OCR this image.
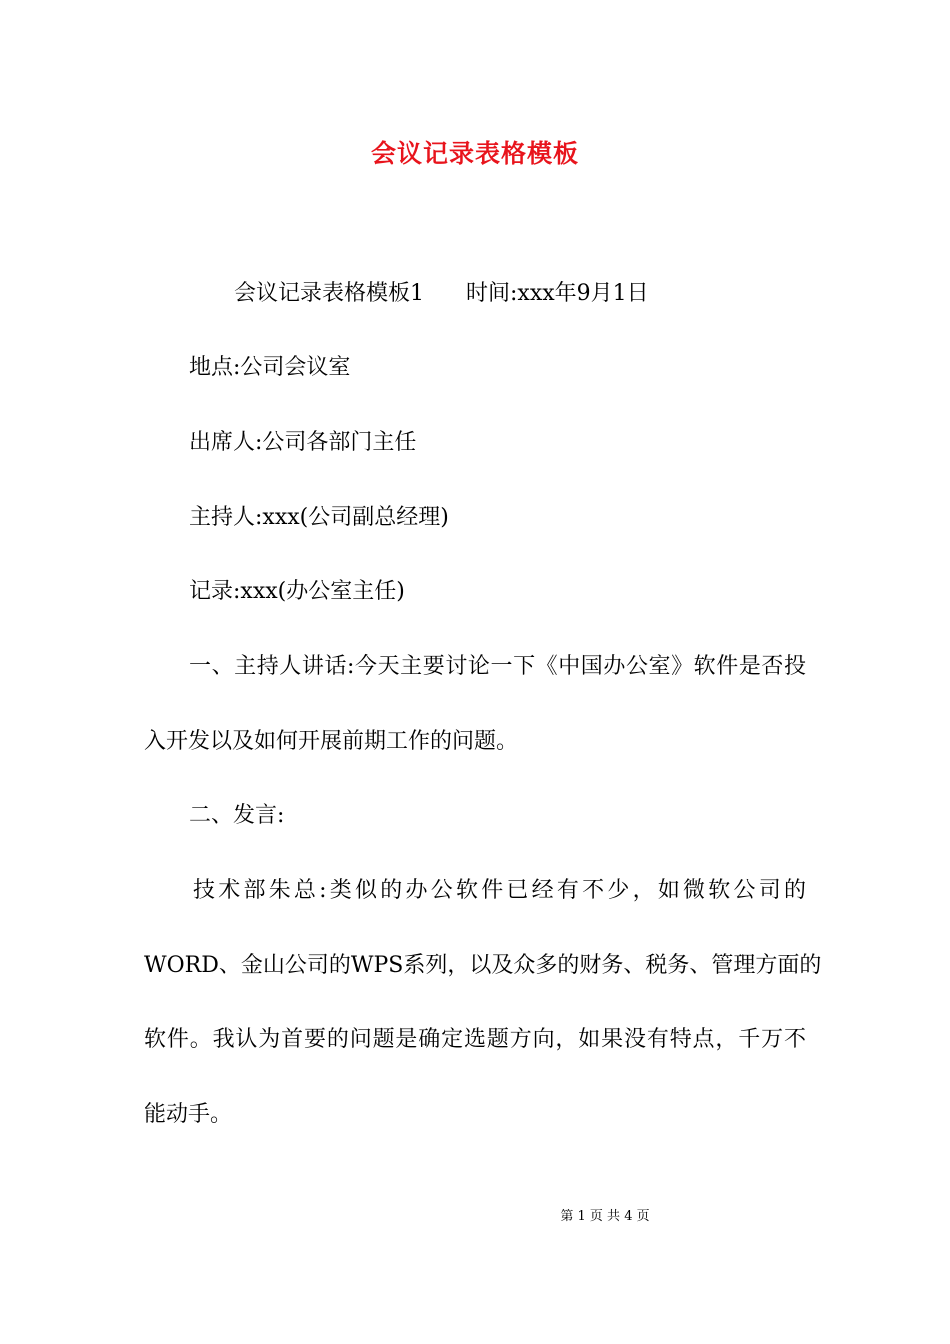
会议记录表格模板
会议记录表格模板1 时间:xxx年9月1日
地点:公司会议室
出席人:公司各部门主任
主持人:xxx(公司副总经理)
记录:xxx(办公室主任)
一、主持人讲话:今天主要讨论一下《中国办公室》软件是否投
入开发以及如何开展前期工作的问题。
二、发言:
技术部朱总:类似的办公软件已经有不少，如微软公司的
WORD、金山公司的WPS系列，以及众多的财务、税务、管理方面的
软件。我认为首要的问题是确定选题方向，如果没有特点，千万不
能动手。
第 1 页 共 4 页
